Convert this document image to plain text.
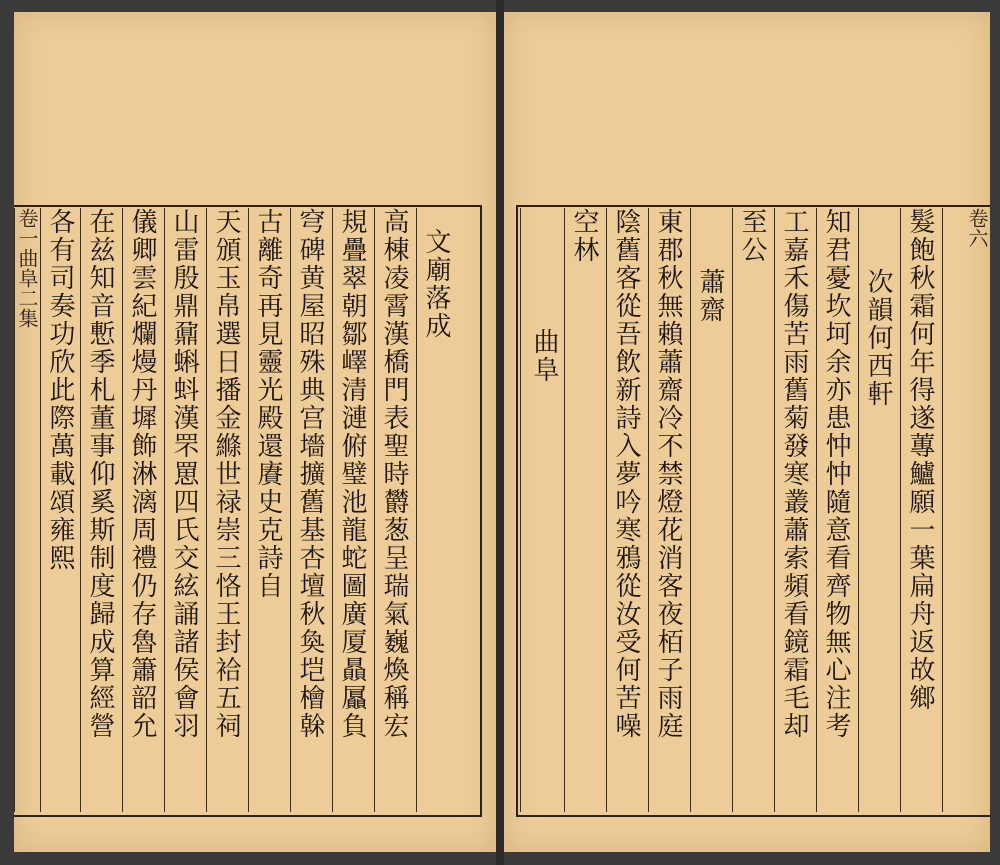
卷一曲阜二集 各有司奏功欣此際萬載頌雍熙 在兹知音慙季札董事仰奚斯制度歸成算經營 儀卿雲紀爛熳丹墀飾淋漓周禮仍存魯簫韶允 山雷殷鼎鼐蝌蚪漢罘罳四氏交絃誦諸侯會羽 天頒玉帛選日播金縧世禄崇三恪王封袷五祠 古離奇再見靈光殿還賡史克詩自 穹碑黄屋昭殊典宫墻擴舊基杏壇秋奐垲檜榦 規疊翠朝鄒嶧清漣俯璧池龍蛇圖廣厦贔屭負 高棟凌霄漢橋門表聖時欝葱呈瑞氣巍煥稱宏 文廟落成
曲阜
空林 陰舊客從吾飲新詩入夢吟寒鴉從汝受何苦噪 東郡秋無賴蕭齋冷不禁燈花消客夜栢子雨庭 蕭齋
至公 工嘉禾傷苦雨舊菊發寒叢蕭索頻看鏡霜毛却 知君憂坎坷余亦患忡忡隨意看齊物無心注考 次韻何西軒 髮飽秋霜何年得遂蓴鱸願一葉扁舟返故鄉	卷六
